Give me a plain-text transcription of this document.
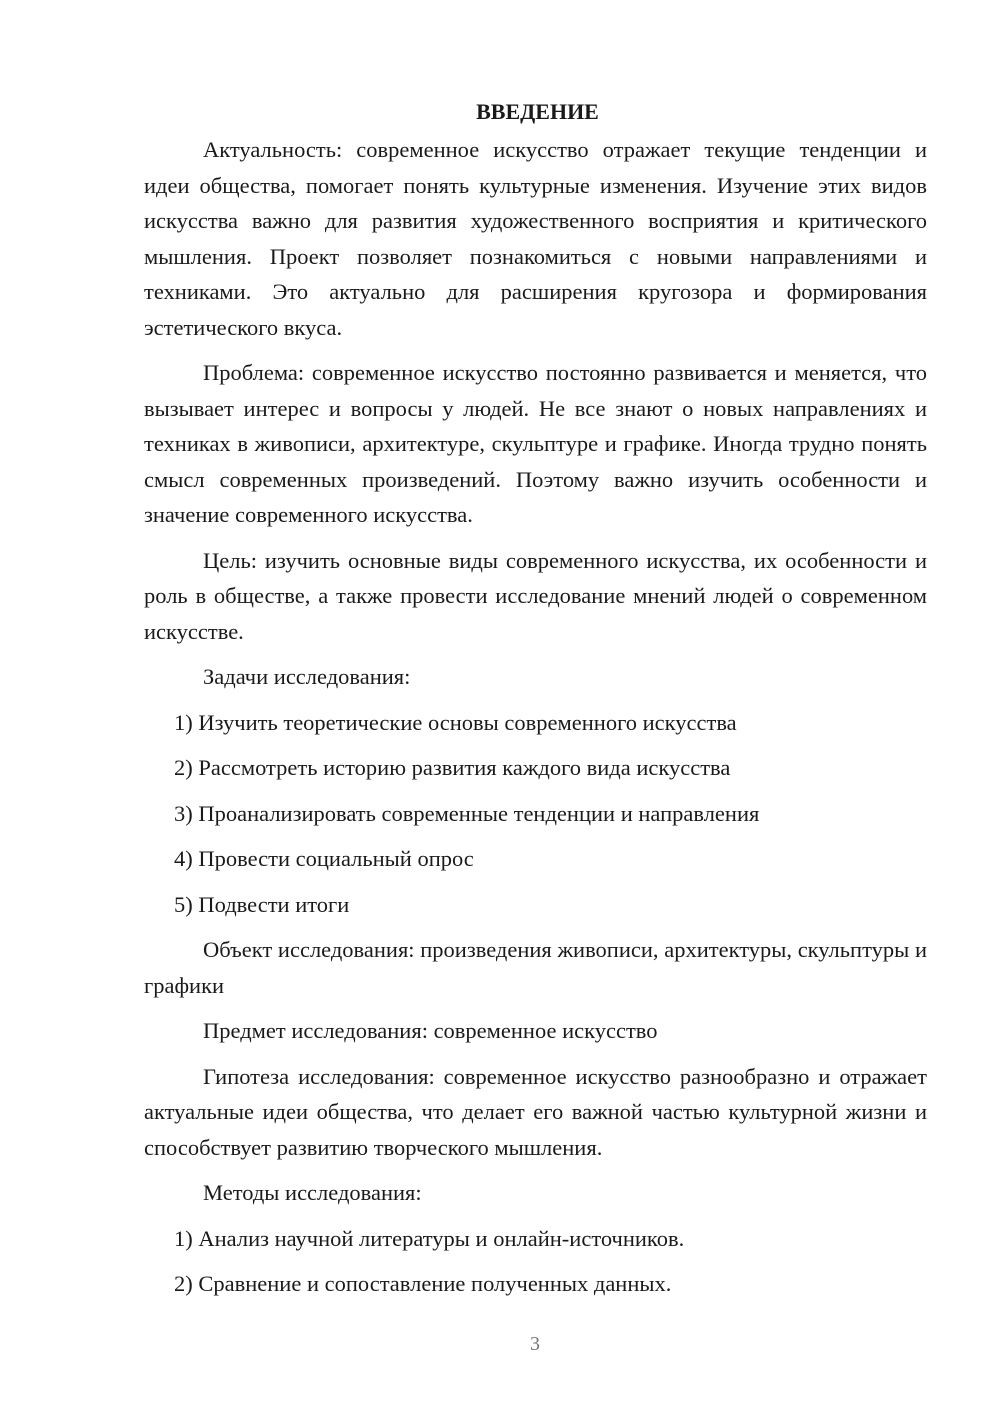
ВВЕДЕНИЕ

Актуальность: современное искусство отражает текущие тенденции и идеи общества, помогает понять культурные изменения. Изучение этих видов искусства важно для развития художественного восприятия и критического мышления. Проект позволяет познакомиться с новыми направлениями и техниками. Это актуально для расширения кругозора и формирования эстетического вкуса.

Проблема: современное искусство постоянно развивается и меняется, что вызывает интерес и вопросы у людей. Не все знают о новых направлениях и техниках в живописи, архитектуре, скульптуре и графике. Иногда трудно понять смысл современных произведений. Поэтому важно изучить особенности и значение современного искусства.

Цель: изучить основные виды современного искусства, их особенности и роль в обществе, а также провести исследование мнений людей о современном искусстве.

Задачи исследования:
1) Изучить теоретические основы современного искусства
2) Рассмотреть историю развития каждого вида искусства
3) Проанализировать современные тенденции и направления
4) Провести социальный опрос
5) Подвести итоги

Объект исследования: произведения живописи, архитектуры, скульптуры и графики

Предмет исследования: современное искусство

Гипотеза исследования: современное искусство разнообразно и отражает актуальные идеи общества, что делает его важной частью культурной жизни и способствует развитию творческого мышления.

Методы исследования:
1) Анализ научной литературы и онлайн-источников.
2) Сравнение и сопоставление полученных данных.
3
